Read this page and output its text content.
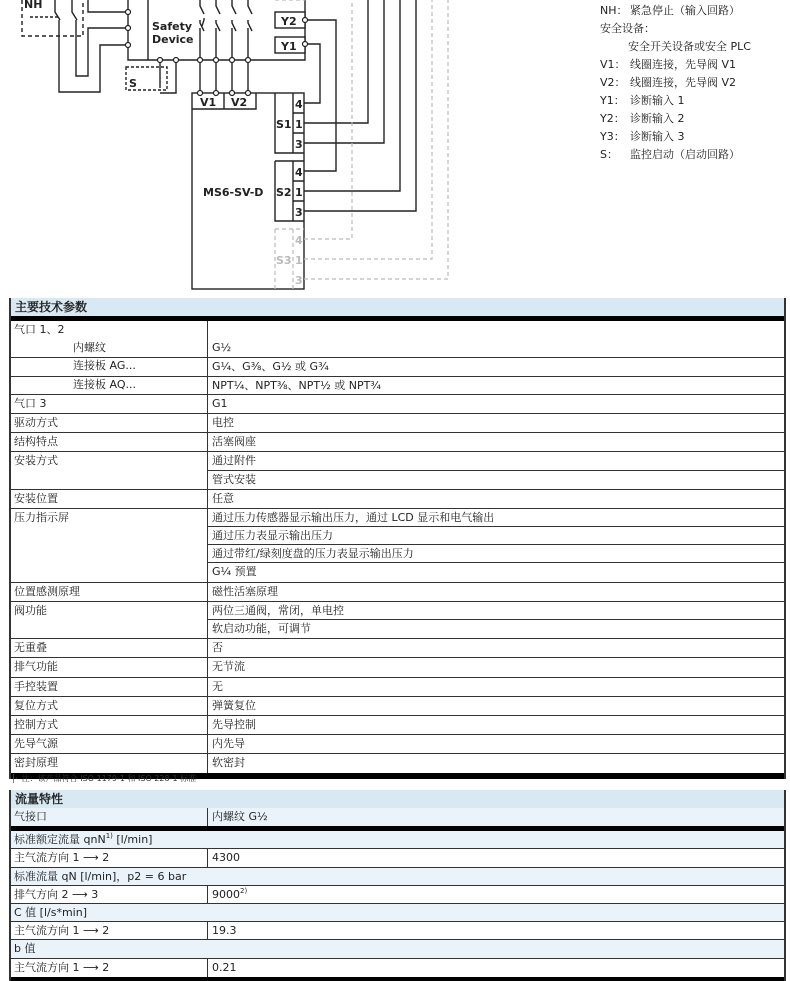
NH
Safety
Device
S
Y2
Y1
V1 V2
S1
S2
4
1
3
4
1
3
MS6-SV-D
S3
4
1
3
NH： 紧急停止（输入回路）
安全设备：
安全开关设备或安全 PLC
V1： 线圈连接，先导阀 V1
V2： 线圈连接，先导阀 V2
Y1： 诊断输入 1
Y2： 诊断输入 2
Y3： 诊断输入 3
S：	监控启动（启动回路）
主要技术参数
气口 1、2
内螺纹	G½
连接板 AG...	G¼、G⅜、G½ 或 G¾
连接板 AQ...	NPT¼、NPT⅜、NPT½ 或 NPT¾
气口 3	G1
驱动方式	电控
结构特点	活塞阀座
安装方式	通过附件
管式安装
安装位置	任意
压力指示屏	通过压力传感器显示输出压力，通过 LCD 显示和电气输出
通过压力表显示输出压力
通过带红/绿刻度盘的压力表显示输出压力
G¼ 预置
位置感测原理	磁性活塞原理
阀功能	两位三通阀，常闭，单电控
软启动功能，可调节
无重叠	否
排气功能	无节流
手控装置	无
复位方式	弹簧复位
控制方式	先导控制
先导气源	内先导
密封原理	软密封
·|· 注：该产品符合 ISO 1179-1 和 ISO 228-1 标准
流量特性
气接口	内螺纹 G½
标准额定流量 qnN$^{1)}$ [l/min]
主气流方向 1 ⟶ 2	4300
标准流量 qN [l/min]，p2 = 6 bar
排气方向 2 ⟶ 3	9000$^{2)}$
C 值 [l/s*min]
主气流方向 1 ⟶ 2	19.3
b 值
主气流方向 1 ⟶ 2	0.21
